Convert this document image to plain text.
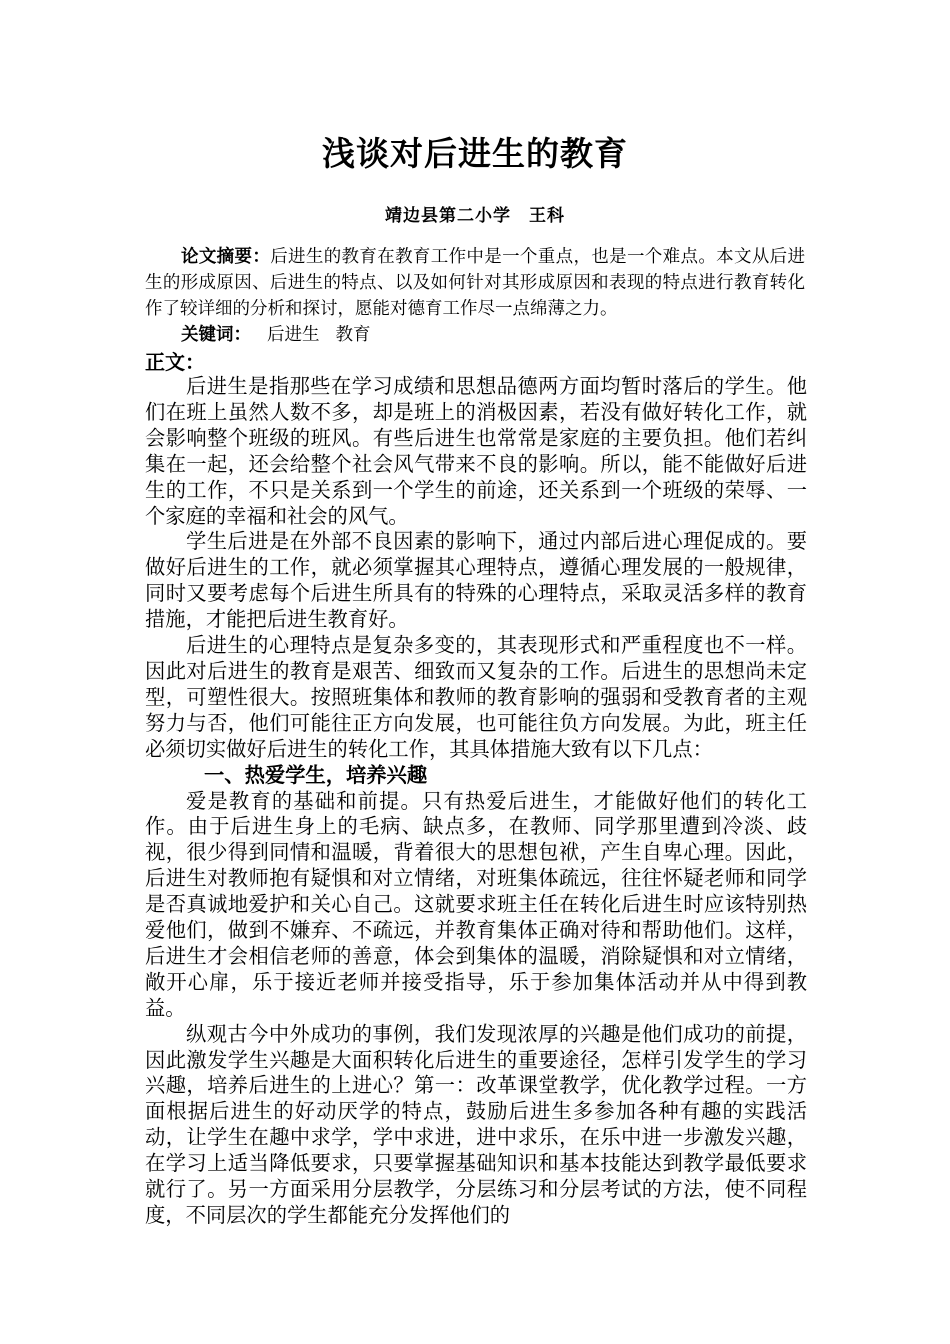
浅谈对后进生的教育
靖边县第二小学　王科

论文摘要：后进生的教育在教育工作中是一个重点，也是一个难点。本文从后进生的形成原因、后进生的特点、以及如何针对其形成原因和表现的特点进行教育转化作了较详细的分析和探讨，愿能对德育工作尽一点绵薄之力。

关键词： 后进生 教育

正文：

后进生是指那些在学习成绩和思想品德两方面均暂时落后的学生。他们在班上虽然人数不多，却是班上的消极因素，若没有做好转化工作，就会影响整个班级的班风。有些后进生也常常是家庭的主要负担。他们若纠集在一起，还会给整个社会风气带来不良的影响。所以，能不能做好后进生的工作，不只是关系到一个学生的前途，还关系到一个班级的荣辱、一个家庭的幸福和社会的风气。

学生后进是在外部不良因素的影响下，通过内部后进心理促成的。要做好后进生的工作，就必须掌握其心理特点，遵循心理发展的一般规律，同时又要考虑每个后进生所具有的特殊的心理特点，采取灵活多样的教育措施，才能把后进生教育好。

后进生的心理特点是复杂多变的，其表现形式和严重程度也不一样。因此对后进生的教育是艰苦、细致而又复杂的工作。后进生的思想尚未定型，可塑性很大。按照班集体和教师的教育影响的强弱和受教育者的主观努力与否，他们可能往正方向发展，也可能往负方向发展。为此，班主任必须切实做好后进生的转化工作，其具体措施大致有以下几点：

一、热爱学生，培养兴趣

爱是教育的基础和前提。只有热爱后进生，才能做好他们的转化工作。由于后进生身上的毛病、缺点多，在教师、同学那里遭到冷淡、歧视，很少得到同情和温暖，背着很大的思想包袱，产生自卑心理。因此，后进生对教师抱有疑惧和对立情绪，对班集体疏远，往往怀疑老师和同学是否真诚地爱护和关心自己。这就要求班主任在转化后进生时应该特别热爱他们，做到不嫌弃、不疏远，并教育集体正确对待和帮助他们。这样，后进生才会相信老师的善意，体会到集体的温暖，消除疑惧和对立情绪，敞开心扉，乐于接近老师并接受指导，乐于参加集体活动并从中得到教益。

纵观古今中外成功的事例，我们发现浓厚的兴趣是他们成功的前提，因此激发学生兴趣是大面积转化后进生的重要途径，怎样引发学生的学习兴趣，培养后进生的上进心？第一：改革课堂教学，优化教学过程。一方面根据后进生的好动厌学的特点，鼓励后进生多参加各种有趣的实践活动，让学生在趣中求学，学中求进，进中求乐，在乐中进一步激发兴趣，在学习上适当降低要求，只要掌握基础知识和基本技能达到教学最低要求就行了。另一方面采用分层教学，分层练习和分层考试的方法，使不同程度，不同层次的学生都能充分发挥他们的
